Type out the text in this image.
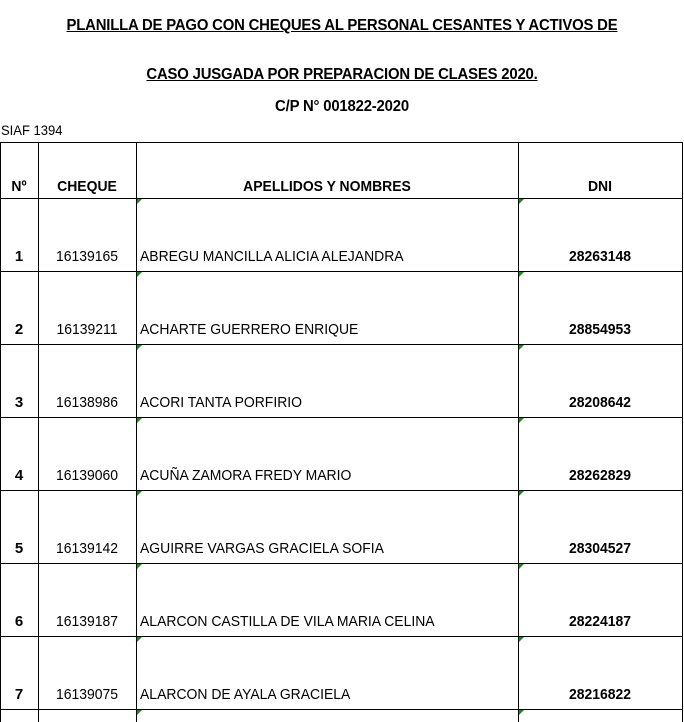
PLANILLA DE PAGO CON CHEQUES AL PERSONAL CESANTES Y ACTIVOS DE
CASO JUSGADA POR PREPARACION DE CLASES 2020.
C/P N° 001822-2020
SIAF 1394
Nº	CHEQUE	APELLIDOS Y NOMBRES	DNI
1	16139165	ABREGU MANCILLA ALICIA ALEJANDRA	28263148
2	16139211	ACHARTE GUERRERO ENRIQUE	28854953
3	16138986	ACORI TANTA PORFIRIO	28208642
4	16139060	ACUÑA ZAMORA FREDY MARIO	28262829
5	16139142	AGUIRRE VARGAS GRACIELA SOFIA	28304527
6	16139187	ALARCON CASTILLA DE VILA MARIA CELINA	28224187
7	16139075	ALARCON DE AYALA GRACIELA	28216822
